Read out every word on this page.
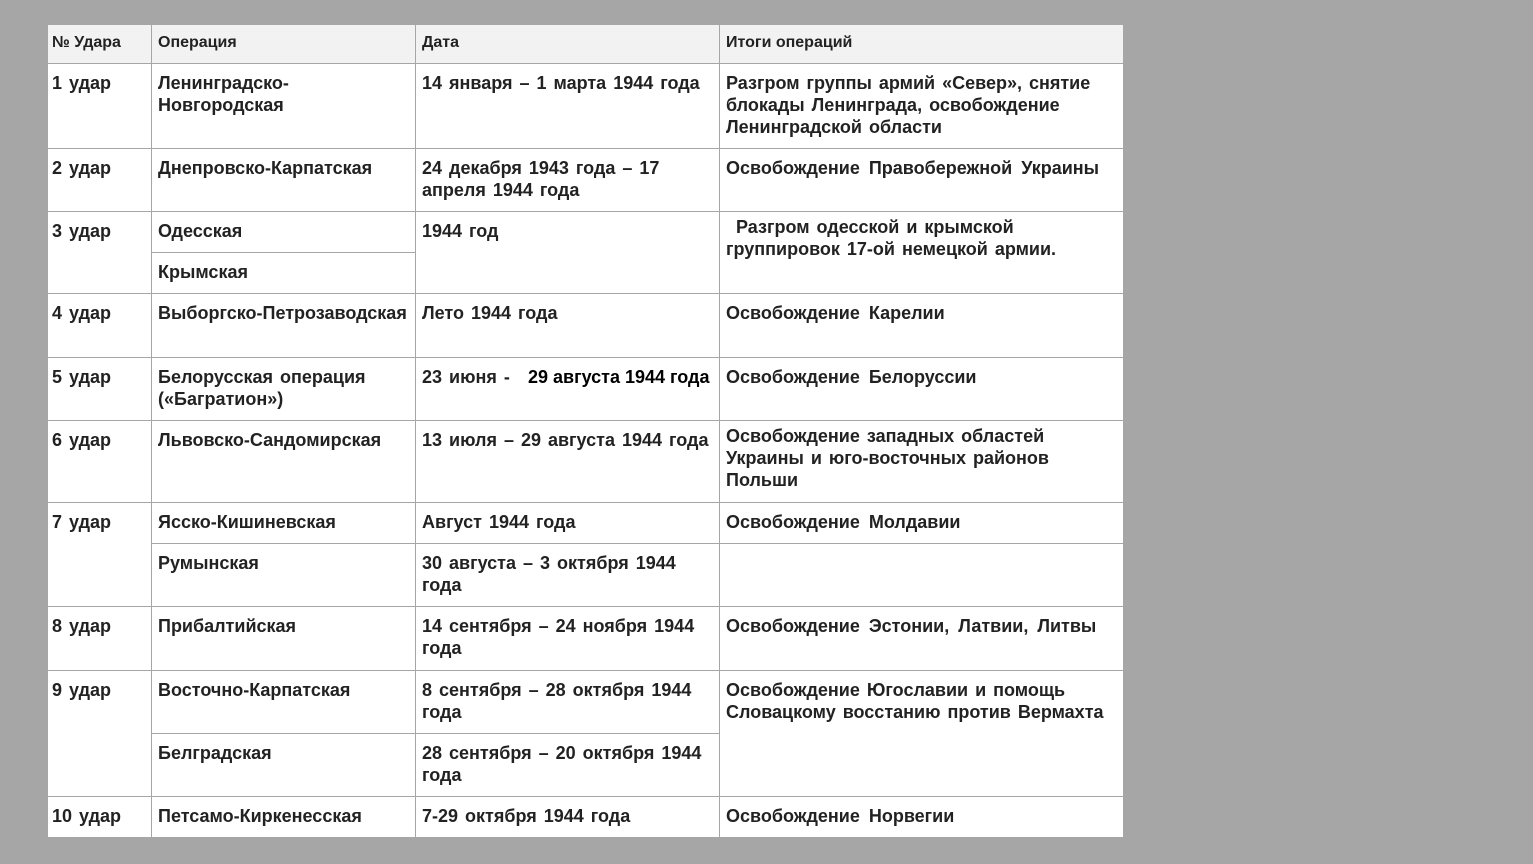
№ Удара	Операция	Дата	Итоги операций
1 удар	Ленинградско-Новгородская	14 января – 1 марта 1944 года	Разгром группы армий «Север», снятие блокады Ленинграда, освобождение Ленинградской области
2 удар	Днепровско-Карпатская	24 декабря 1943 года – 17 апреля 1944 года	Освобождение Правобережной Украины
3 удар	Одесская	1944 год	Разгром одесской и крымской группировок 17-ой немецкой армии.
	Крымская		
4 удар	Выборгско-Петрозаводская	Лето 1944 года	Освобождение Карелии
5 удар	Белорусская операция («Багратион»)	23 июня - 29 августа 1944 года	Освобождение Белоруссии
6 удар	Львовско-Сандомирская	13 июля – 29 августа 1944 года	Освобождение западных областей Украины и юго-восточных районов Польши
7 удар	Ясско-Кишиневская	Август 1944 года	Освобождение Молдавии
	Румынская	30 августа – 3 октября 1944 года	
8 удар	Прибалтийская	14 сентября – 24 ноября 1944 года	Освобождение Эстонии, Латвии, Литвы
9 удар	Восточно-Карпатская	8 сентября – 28 октября 1944 года	Освобождение Югославии и помощь Словацкому восстанию против Вермахта
	Белградская	28 сентября – 20 октября 1944 года	
10 удар	Петсамо-Киркенесская	7-29 октября 1944 года	Освобождение Норвегии
